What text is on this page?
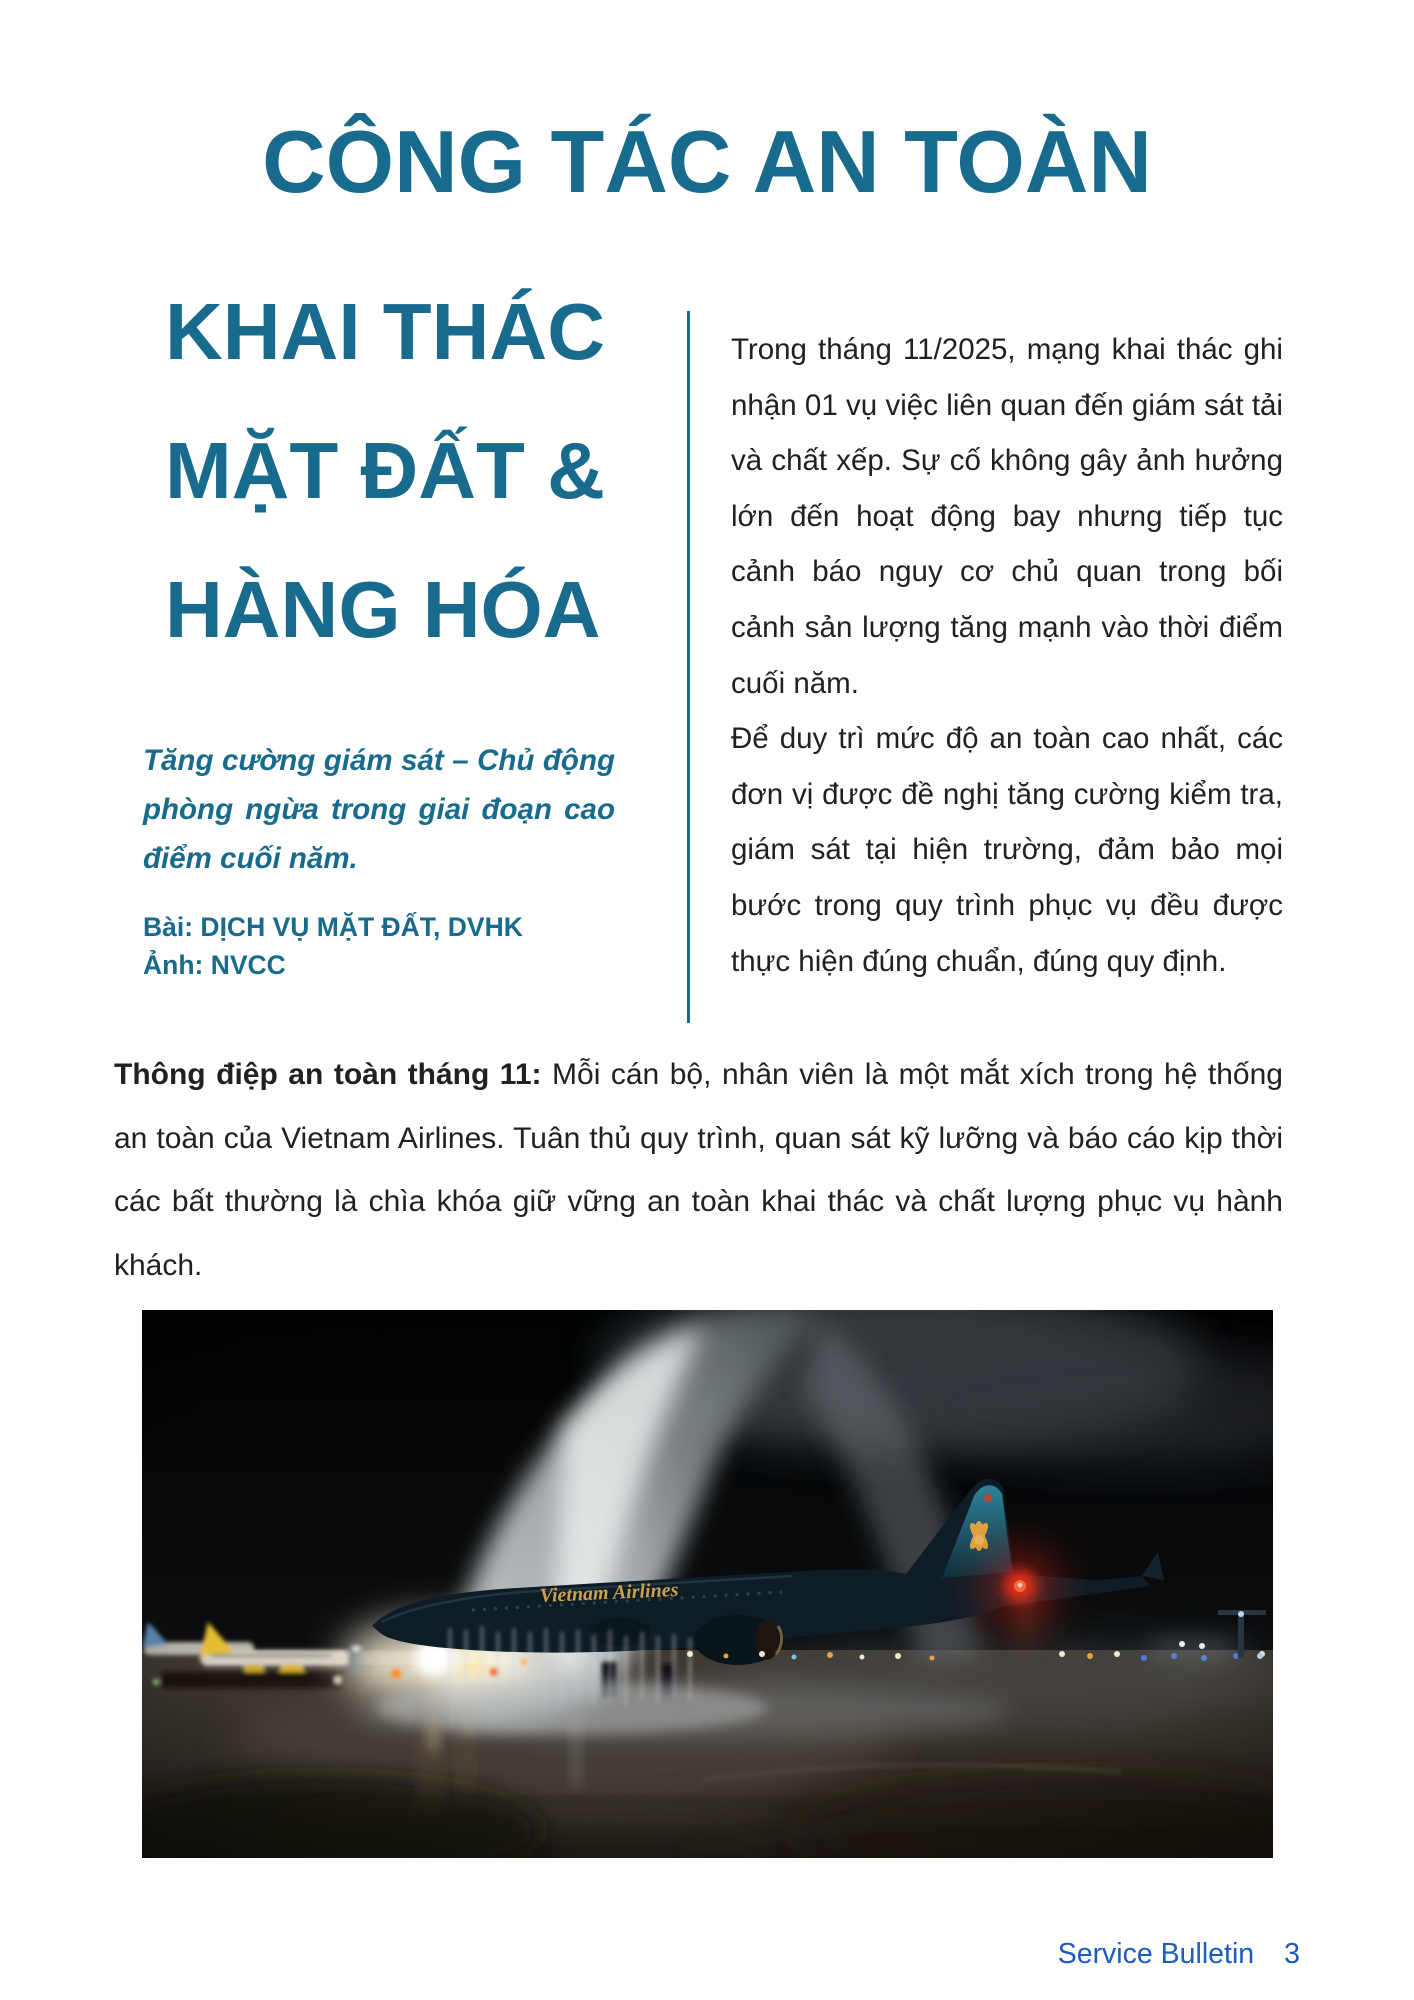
CÔNG TÁC AN TOÀN
KHAI THÁC
MẶT ĐẤT &
HÀNG HÓA

Tăng cường giám sát – Chủ động phòng ngừa trong giai đoạn cao điểm cuối năm.

Bài: DỊCH VỤ MẶT ĐẤT, DVHK
Ảnh: NVCC

Trong tháng 11/2025, mạng khai thác ghi nhận 01 vụ việc liên quan đến giám sát tải và chất xếp. Sự cố không gây ảnh hưởng lớn đến hoạt động bay nhưng tiếp tục cảnh báo nguy cơ chủ quan trong bối cảnh sản lượng tăng mạnh vào thời điểm cuối năm.

Để duy trì mức độ an toàn cao nhất, các đơn vị được đề nghị tăng cường kiểm tra, giám sát tại hiện trường, đảm bảo mọi bước trong quy trình phục vụ đều được thực hiện đúng chuẩn, đúng quy định.

Thông điệp an toàn tháng 11: Mỗi cán bộ, nhân viên là một mắt xích trong hệ thống an toàn của Vietnam Airlines. Tuân thủ quy trình, quan sát kỹ lưỡng và báo cáo kịp thời các bất thường là chìa khóa giữ vững an toàn khai thác và chất lượng phục vụ hành khách.

Service Bulletin 3
